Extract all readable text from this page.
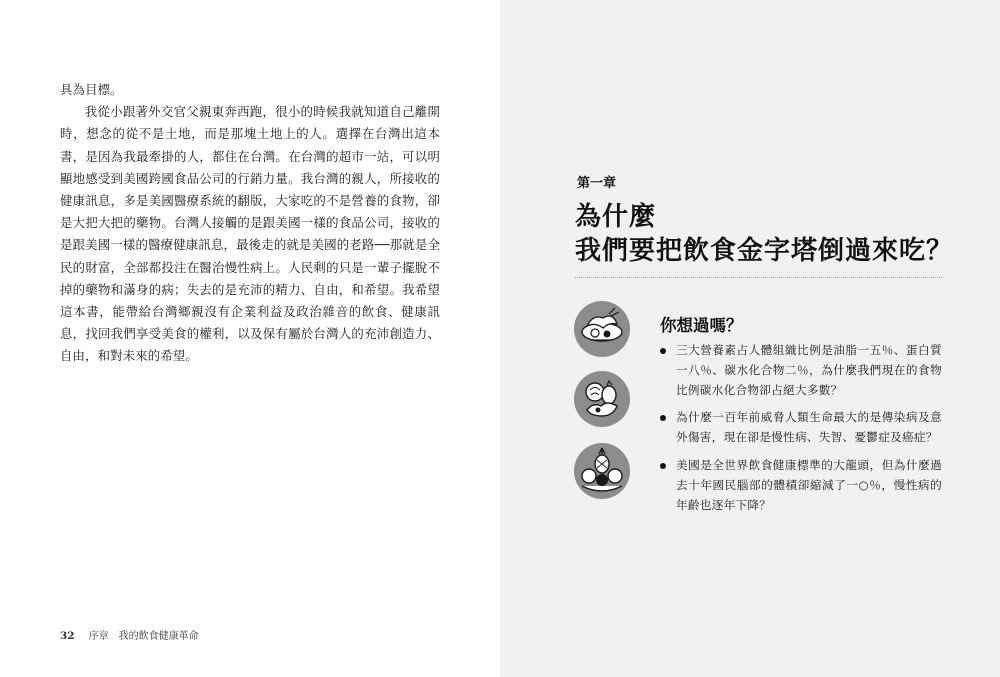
具為目標。

我從小跟著外交官父親東奔西跑，很小的時候我就知道自己離開時，想念的從不是土地，而是那塊土地上的人。選擇在台灣出這本書，是因為我最牽掛的人，都住在台灣。在台灣的超市一站，可以明顯地感受到美國跨國食品公司的行銷力量。我台灣的親人，所接收的健康訊息，多是美國醫療系統的翻版，大家吃的不是營養的食物，卻是大把大把的藥物。台灣人接觸的是跟美國一樣的食品公司，接收的是跟美國一樣的醫療健康訊息，最後走的就是美國的老路──那就是全民的財富，全部都投注在醫治慢性病上。人民剩的只是一輩子擺脫不掉的藥物和滿身的病；失去的是充沛的精力、自由，和希望。我希望這本書，能帶給台灣鄉親沒有企業利益及政治雜音的飲食、健康訊息，找回我們享受美食的權利，以及保有屬於台灣人的充沛創造力、自由，和對未來的希望。

32 序章　我的飲食健康革命
第一章
為什麼
我們要把飲食金字塔倒過來吃？
你想過嗎？
三大營養素占人體組織比例是油脂一五％、蛋白質一八％、碳水化合物二％，為什麼我們現在的食物比例碳水化合物卻占絕大多數？
為什麼一百年前威脅人類生命最大的是傳染病及意外傷害，現在卻是慢性病、失智、憂鬱症及癌症？
美國是全世界飲食健康標準的大龍頭，但為什麼過去十年國民腦部的體積卻縮減了一○％，慢性病的年齡也逐年下降？
